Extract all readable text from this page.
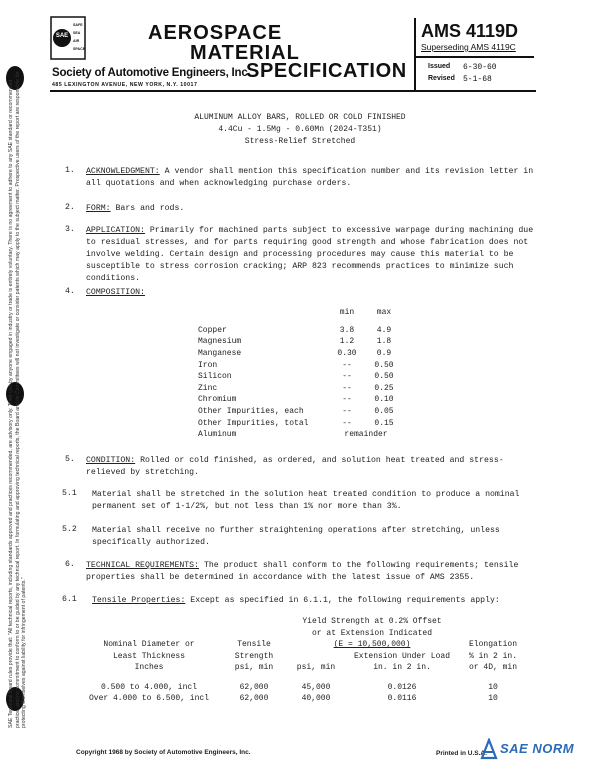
SAE Technical Board rules provide that: "All technical reports, including standards approved and practices recommended, are advisory only. Their use by anyone engaged in industry or trade is entirely voluntary. There is no agreement to adhere to any SAE standard or recommended practice, and no commitment to conform to or be guided by any technical report. In formulating and approving technical reports, the Board and its Committees will not investigate or consider patents which may apply to the subject matter. Prospective users of the report are responsible for protecting themselves against liability for infringement of patents."
SAE
SAFE
SEA
AIR
SPACE
AEROSPACE
MATERIAL
SPECIFICATION
Society of Automotive Engineers, Inc.
485 LEXINGTON AVENUE, NEW YORK, N.Y. 10017
AMS 4119D
Superseding AMS 4119C
Issued 6-30-60
Revised 5-1-68
ALUMINUM ALLOY BARS, ROLLED OR COLD FINISHED
4.4Cu - 1.5Mg - 0.60Mn (2024-T351)
Stress-Relief Stretched
1. ACKNOWLEDGMENT: A vendor shall mention this specification number and its revision letter in all quotations and when acknowledging purchase orders.
2. FORM: Bars and rods.
3. APPLICATION: Primarily for machined parts subject to excessive warpage during machining due to residual stresses, and for parts requiring good strength and whose fabrication does not involve welding. Certain design and processing procedures may cause this material to be susceptible to stress corrosion cracking; ARP 823 recommends practices to minimize such conditions.
4. COMPOSITION:
	min	max

Copper	3.8	4.9
Magnesium	1.2	1.8
Manganese	0.30	0.9
Iron	--	0.50
Silicon	--	0.50
Zinc	--	0.25
Chromium	--	0.10
Other Impurities, each	--	0.05
Other Impurities, total	--	0.15
Aluminum	remainder	
5. CONDITION: Rolled or cold finished, as ordered, and solution heat treated and stress-relieved by stretching.
5.1 Material shall be stretched in the solution heat treated condition to produce a nominal permanent set of 1-1/2%, but not less than 1% nor more than 3%.
5.2 Material shall receive no further straightening operations after stretching, unless specifically authorized.
6. TECHNICAL REQUIREMENTS: The product shall conform to the following requirements; tensile properties shall be determined in accordance with the latest issue of AMS 2355.
6.1 Tensile Properties: Except as specified in 6.1.1, the following requirements apply:
		Yield Strength at 0.2% Offset		
		or at Extension Indicated		
Nominal Diameter or	Tensile	(E = 10,500,000)		Elongation
Least Thickness	Strength		Extension Under Load	% in 2 in.
Inches	psi, min	psi, min	in. in 2 in.	or 4D, min

0.500 to 4.000, incl	62,000	45,000	0.0126	10
Over 4.000 to 6.500, incl	62,000	40,000	0.0116	10
Copyright 1968 by Society of Automotive Engineers, Inc.	Printed in U.S.A. SAE NORM
